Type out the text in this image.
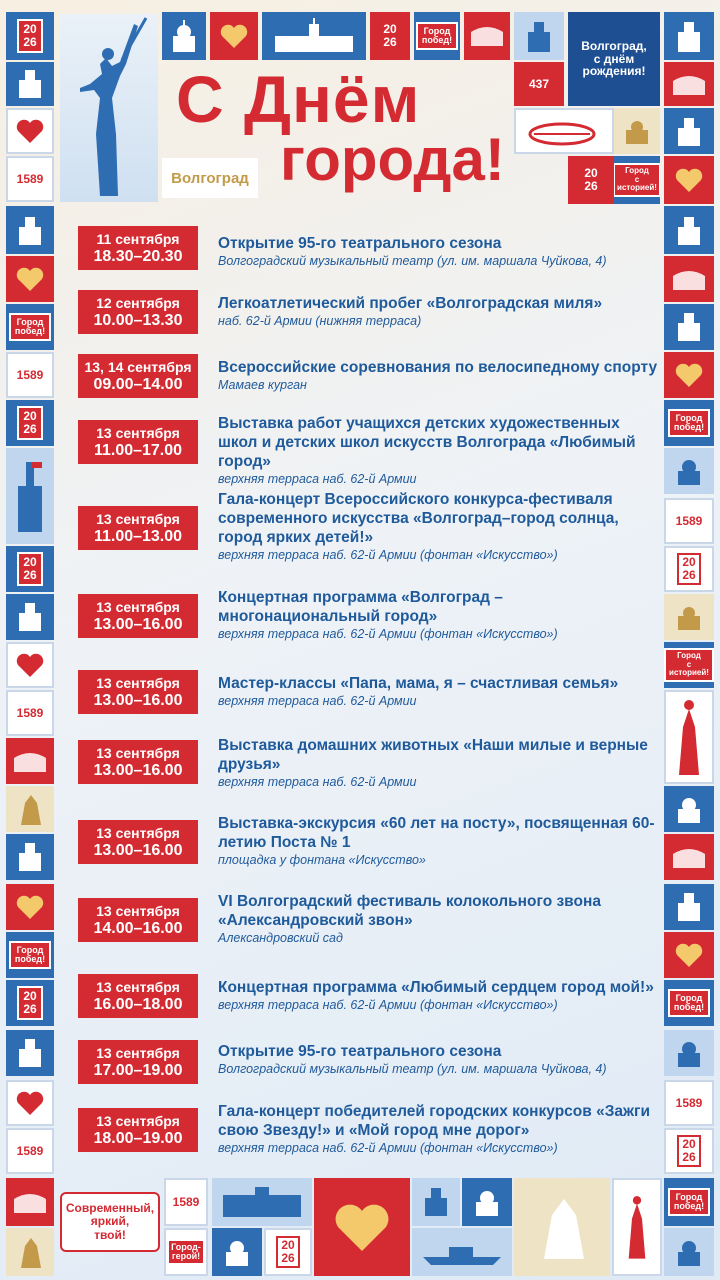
Волгоград
С Днём
города!
20
26
20
26
Город
побед!	Волгоград,
с днём
рождения!
437
20
26
Город
с историей!
1589
Город
побед!
1589
20
26
20
26
1589
Город
побед!
20
26
1589
Город
побед!
1589
20
26
Город
с историей!
Город
побед!
1589
20
26
Современный,
яркий,
твой!
1589
Город-
герой!
20
26
Город
побед!
11 сентября
18.30–20.30
Открытие 95-го театрального сезона
Волгоградский музыкальный театр (ул. им. маршала Чуйкова, 4)
12 сентября
10.00–13.30
Легкоатлетический пробег «Волгоградская миля»
наб. 62-й Армии (нижняя терраса)
13, 14 сентября
09.00–14.00
Всероссийские соревнования по велосипедному спорту
Мамаев курган
13 сентября
11.00–17.00
Выставка работ учащихся детских художественных школ и детских школ искусств Волгограда «Любимый город»
верхняя терраса наб. 62-й Армии
13 сентября
11.00–13.00
Гала-концерт Всероссийского конкурса-фестиваля современного искусства «Волгоград–город солнца, город ярких детей!»
верхняя терраса наб. 62-й Армии (фонтан «Искусство»)
13 сентября
13.00–16.00
Концертная программа «Волгоград – многонациональный город»
верхняя терраса наб. 62-й Армии (фонтан «Искусство»)
13 сентября
13.00–16.00
Мастер-классы «Папа, мама, я – счастливая семья»
верхняя терраса наб. 62-й Армии
13 сентября
13.00–16.00
Выставка домашних животных «Наши милые и верные друзья»
верхняя терраса наб. 62-й Армии
13 сентября
13.00–16.00
Выставка-экскурсия «60 лет на посту», посвященная 60-летию Поста № 1
площадка у фонтана «Искусство»
13 сентября
14.00–16.00
VI Волгоградский фестиваль колокольного звона «Александровский звон»
Александровский сад
13 сентября
16.00–18.00
Концертная программа «Любимый сердцем город мой!»
верхняя терраса наб. 62-й Армии (фонтан «Искусство»)
13 сентября
17.00–19.00
Открытие 95-го театрального сезона
Волгоградский музыкальный театр (ул. им. маршала Чуйкова, 4)
13 сентября
18.00–19.00
Гала-концерт победителей городских конкурсов «Зажги свою Звезду!» и «Мой город мне дорог»
верхняя терраса наб. 62-й Армии (фонтан «Искусство»)
